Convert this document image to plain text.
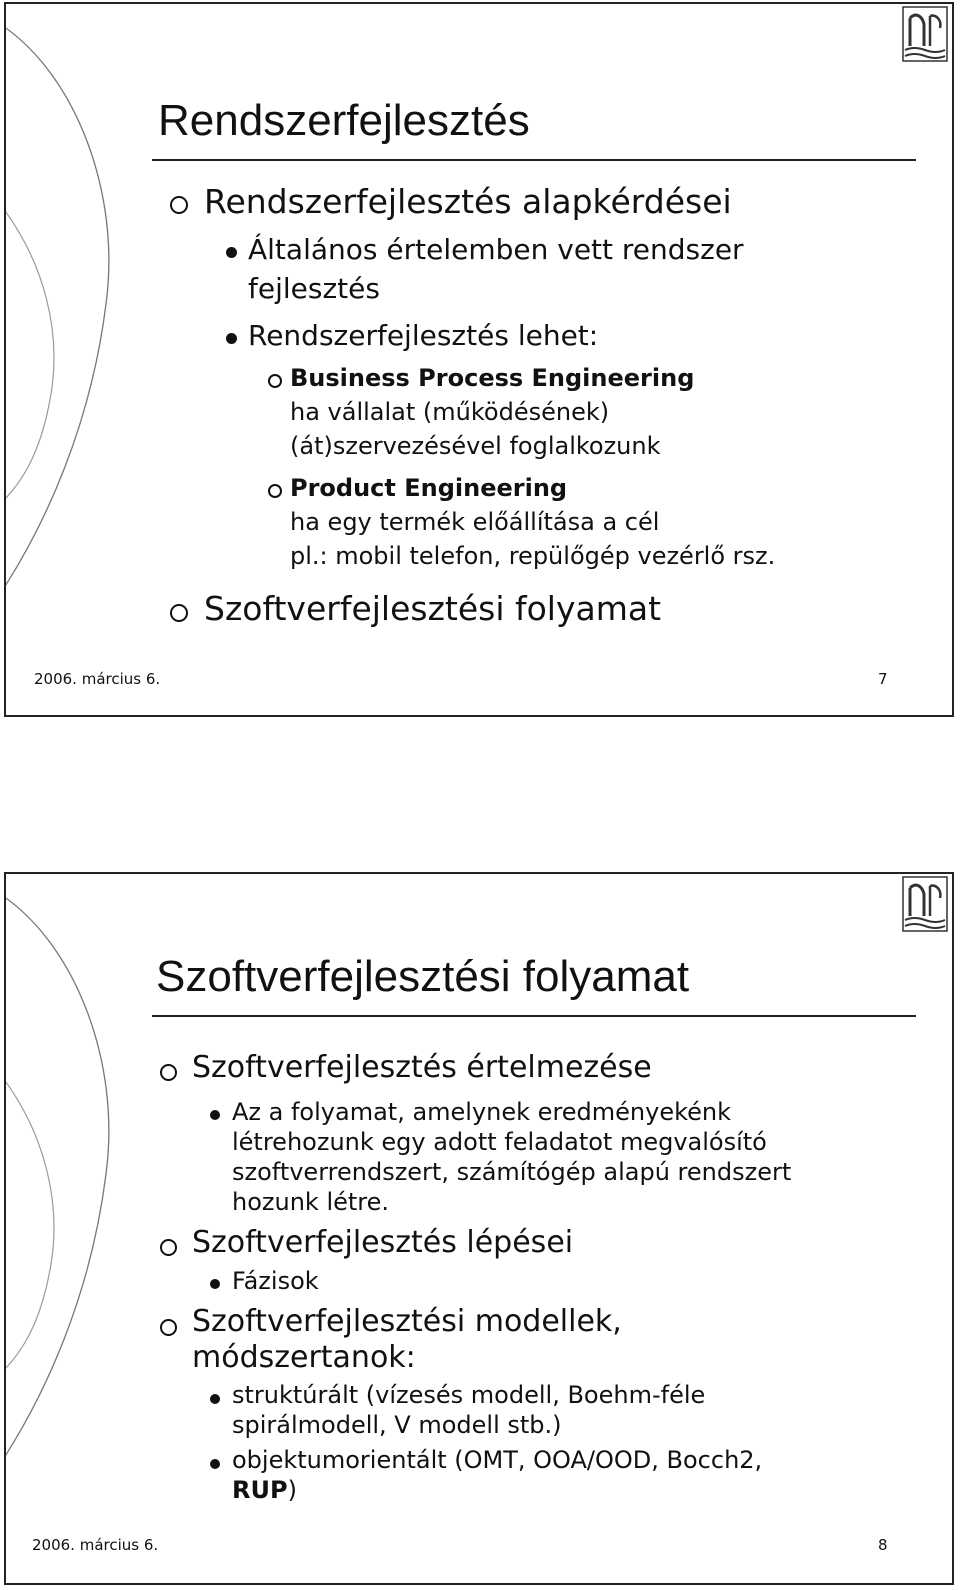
Rendszerfejlesztés
Rendszerfejlesztés alapkérdései
Általános értelemben vett rendszer
fejlesztés
Rendszerfejlesztés lehet:
Business Process Engineering
ha vállalat (működésének)
(át)szervezésével foglalkozunk
Product Engineering
ha egy termék előállítása a cél
pl.: mobil telefon, repülőgép vezérlő rsz.
Szoftverfejlesztési folyamat
2006. március 6.	7
Szoftverfejlesztési folyamat
Szoftverfejlesztés értelmezése
Az a folyamat, amelynek eredményekénk
létrehozunk egy adott feladatot megvalósító
szoftverrendszert, számítógép alapú rendszert
hozunk létre.
Szoftverfejlesztés lépései
Fázisok
Szoftverfejlesztési modellek,
módszertanok:
struktúrált (vízesés modell, Boehm-féle
spirálmodell, V modell stb.)
objektumorientált (OMT, OOA/OOD, Bocch2,
RUP)
2006. március 6.	8
